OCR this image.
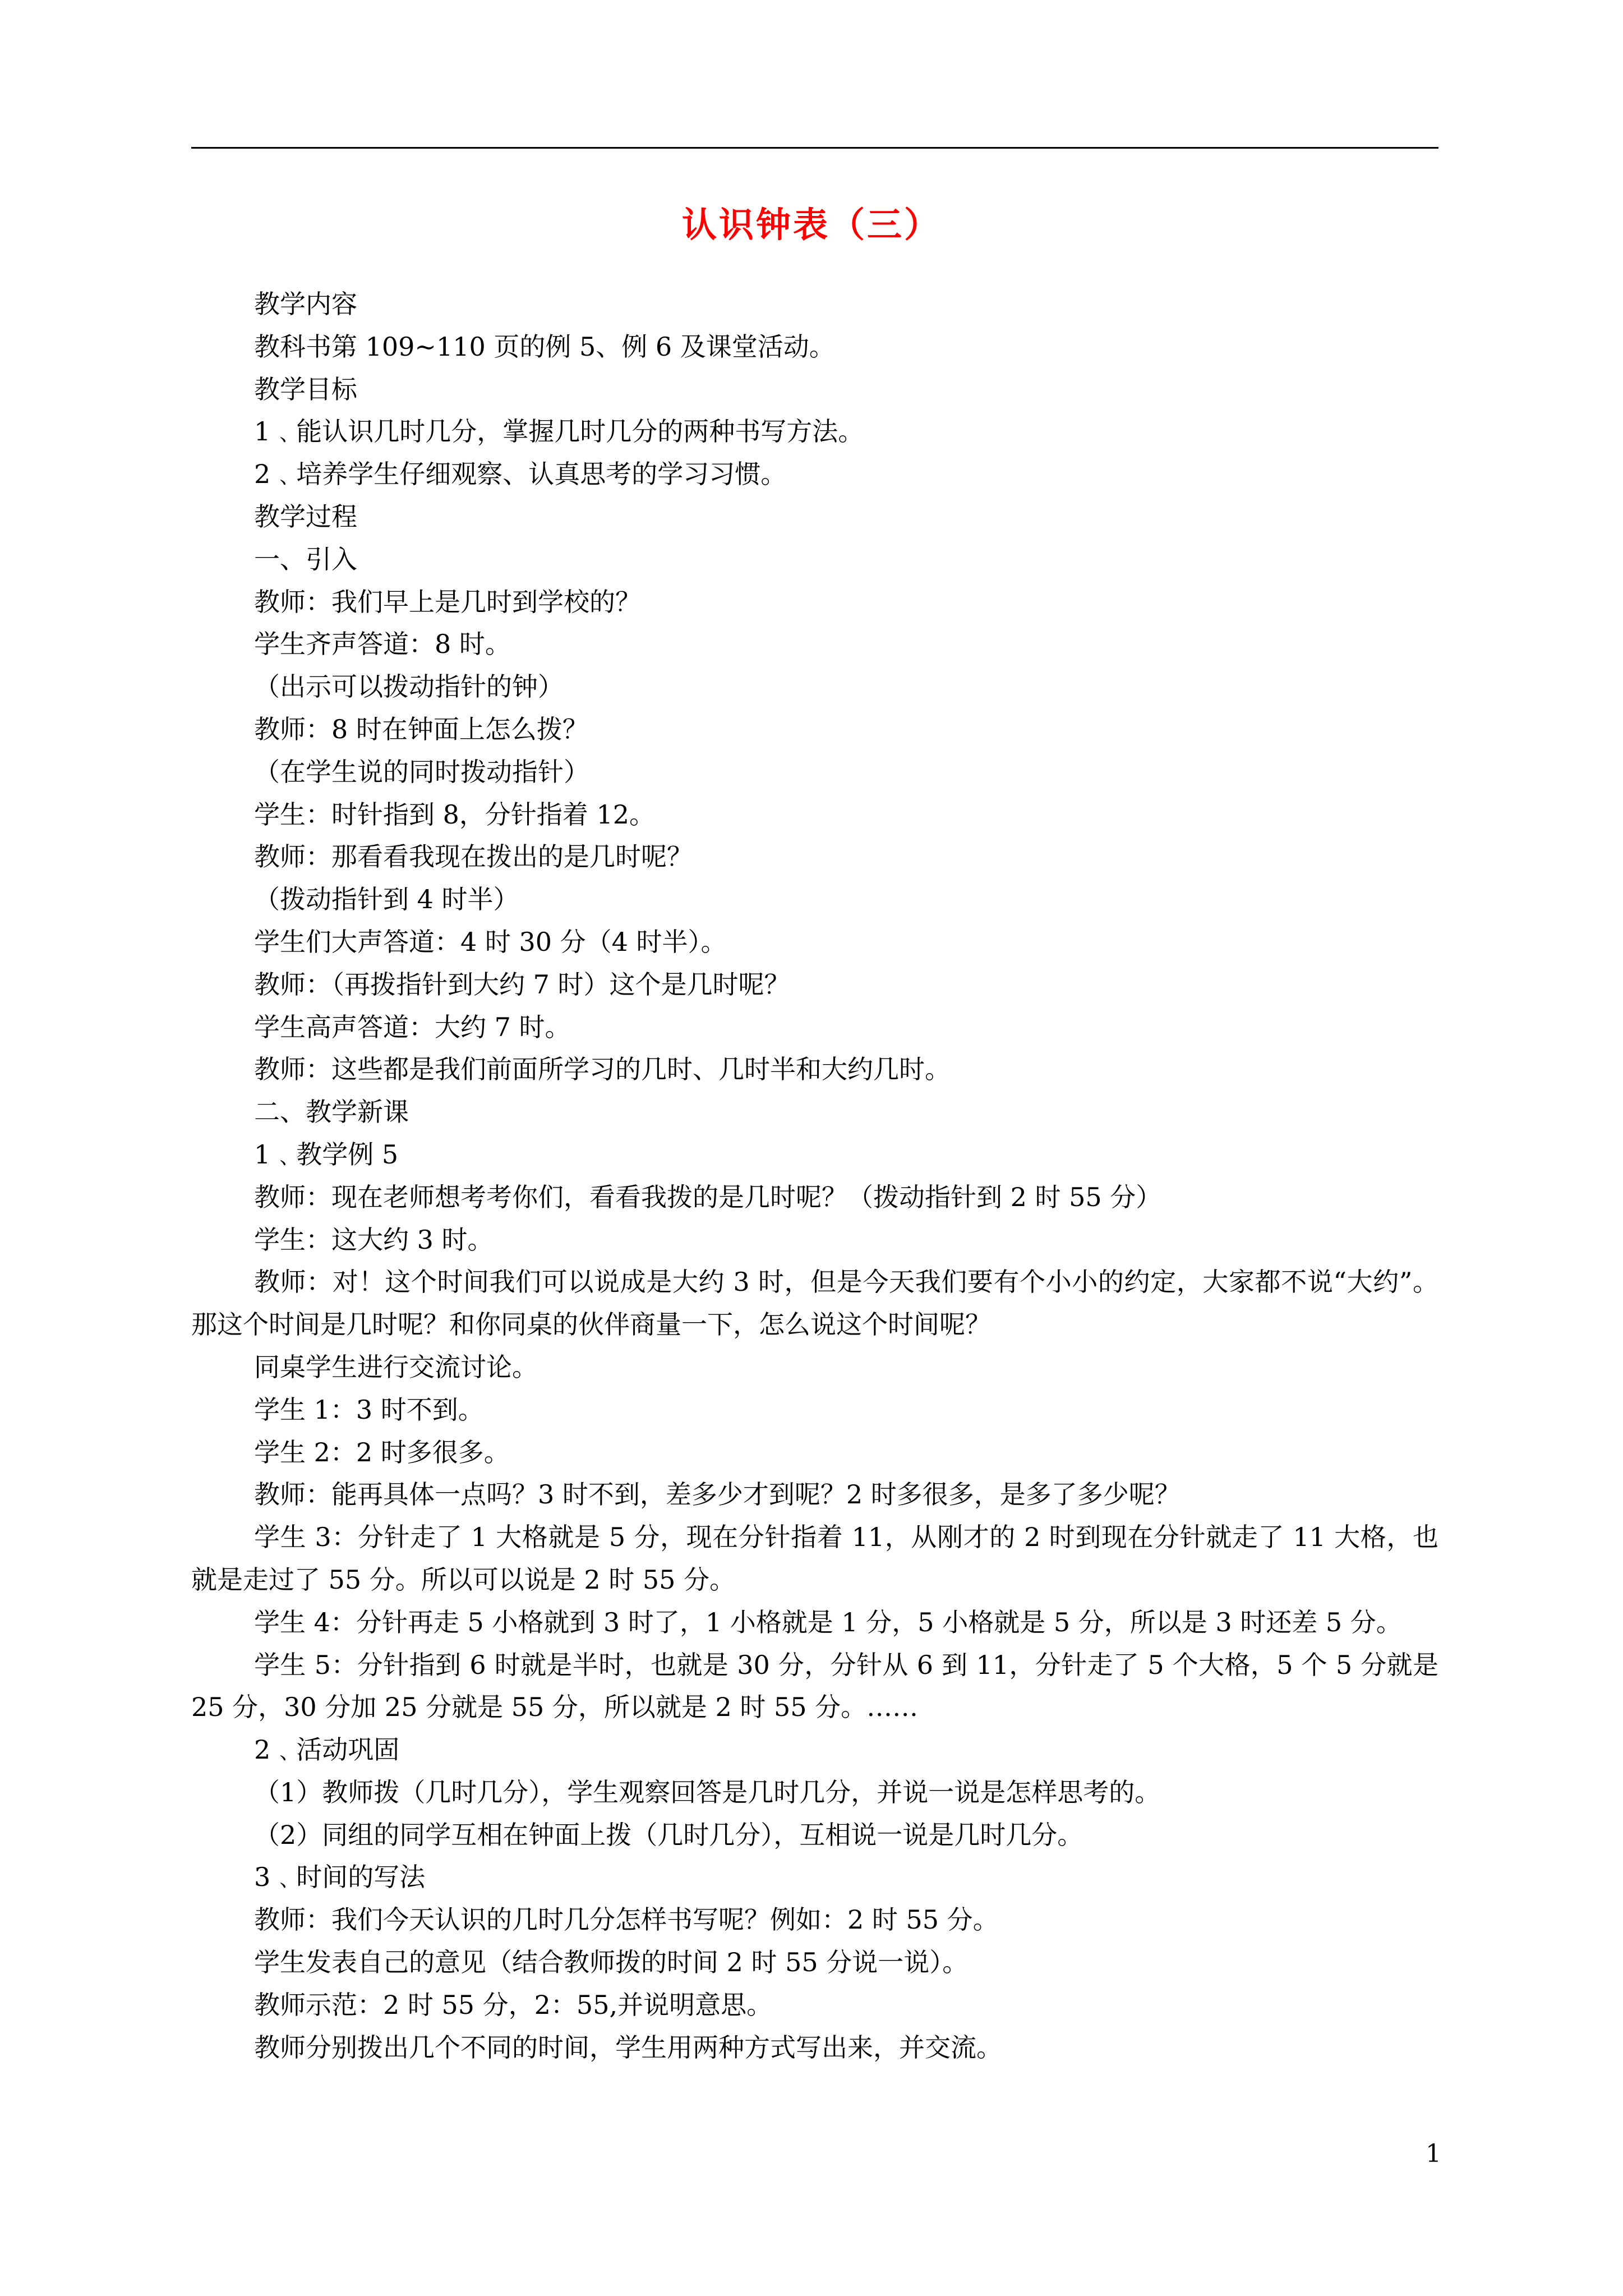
认识钟表（三）

教学内容

教科书第 109~110 页的例 5、例 6 及课堂活动。

教学目标

1﹑能认识几时几分，掌握几时几分的两种书写方法。

2﹑培养学生仔细观察、认真思考的学习习惯。

教学过程

一、引入

教师：我们早上是几时到学校的？

学生齐声答道：8 时。

（出示可以拨动指针的钟）

教师：8 时在钟面上怎么拨？

（在学生说的同时拨动指针）

学生：时针指到 8，分针指着 12。

教师：那看看我现在拨出的是几时呢？

（拨动指针到 4 时半）

学生们大声答道：4 时 30 分（4 时半）。

教师：（再拨指针到大约 7 时）这个是几时呢？

学生高声答道：大约 7 时。

教师：这些都是我们前面所学习的几时、几时半和大约几时。

二、教学新课

1﹑教学例 5

教师：现在老师想考考你们，看看我拨的是几时呢？（拨动指针到 2 时 55 分）

学生：这大约 3 时。

教师：对！这个时间我们可以说成是大约 3 时，但是今天我们要有个小小的约定，大家都不说“大约”。那这个时间是几时呢？和你同桌的伙伴商量一下，怎么说这个时间呢？

同桌学生进行交流讨论。

学生 1：3 时不到。

学生 2：2 时多很多。

教师：能再具体一点吗？3 时不到，差多少才到呢？2 时多很多，是多了多少呢？

学生 3：分针走了 1 大格就是 5 分，现在分针指着 11，从刚才的 2 时到现在分针就走了 11 大格，也就是走过了 55 分。所以可以说是 2 时 55 分。

学生 4：分针再走 5 小格就到 3 时了，1 小格就是 1 分，5 小格就是 5 分，所以是 3 时还差 5 分。

学生 5：分针指到 6 时就是半时，也就是 30 分，分针从 6 到 11，分针走了 5 个大格，5 个 5 分就是 25 分，30 分加 25 分就是 55 分，所以就是 2 时 55 分。……

2﹑活动巩固

（1）教师拨（几时几分），学生观察回答是几时几分，并说一说是怎样思考的。

（2）同组的同学互相在钟面上拨（几时几分），互相说一说是几时几分。

3﹑时间的写法

教师：我们今天认识的几时几分怎样书写呢？例如：2 时 55 分。

学生发表自己的意见（结合教师拨的时间 2 时 55 分说一说）。

教师示范：2 时 55 分，2：55,并说明意思。

教师分别拨出几个不同的时间，学生用两种方式写出来，并交流。

1
